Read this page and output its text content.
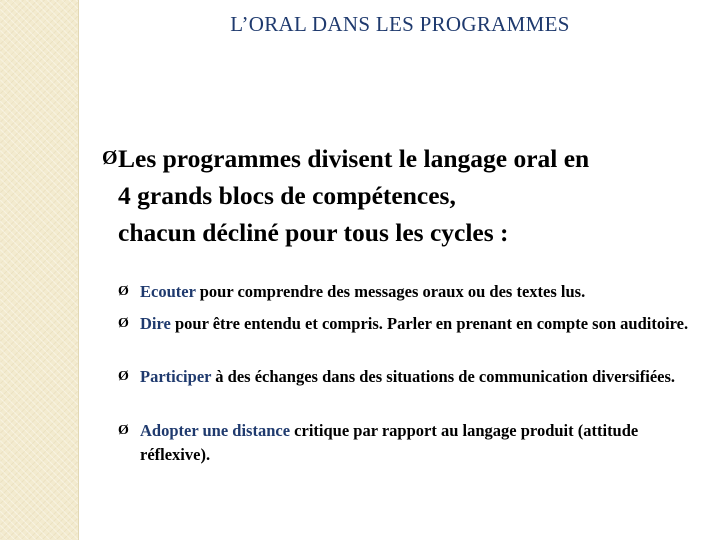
L’ORAL DANS LES PROGRAMMES
Ø Les programmes divisent le langage oral en
4 grands blocs de compétences,
chacun décliné pour tous les cycles :
Ø Ecouter pour comprendre des messages oraux ou des textes lus.
Ø Dire pour être entendu et compris. Parler en prenant en compte son auditoire.
Ø Participer à des échanges dans des situations de communication diversifiées.
Ø Adopter une distance critique par rapport au langage produit (attitude réflexive).
